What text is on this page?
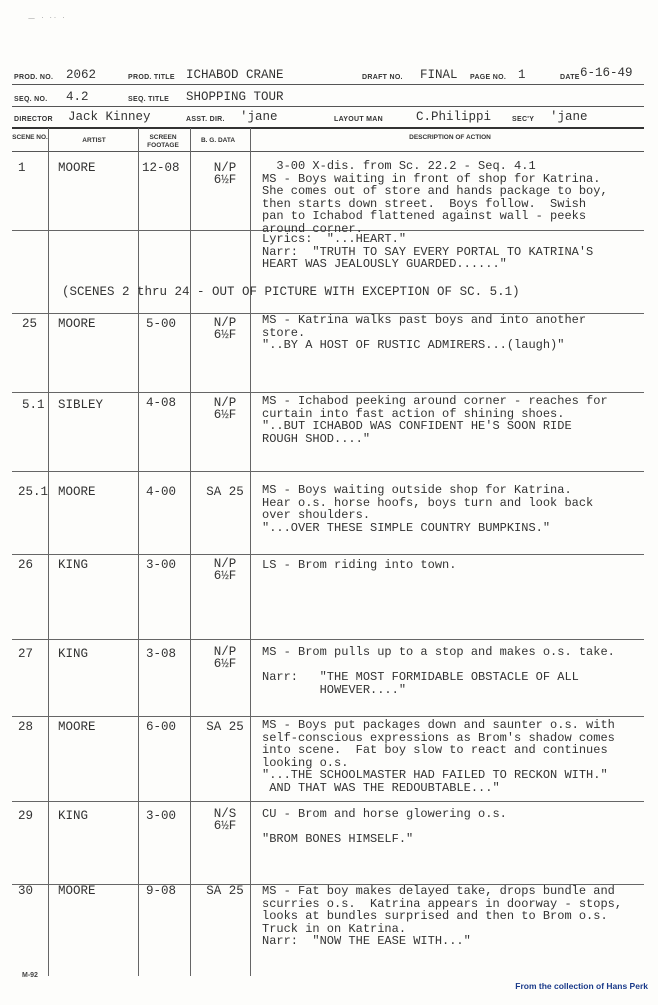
— · ·· ·
PROD. NO. 2062	PROD. TITLE ICHABOD CRANE	DRAFT NO. FINAL PAGE NO. 1	DATE 6-16-49
SEQ. NO. 4.2	SEQ. TITLE SHOPPING TOUR
DIRECTOR Jack Kinney	ASST. DIR. 'jane	LAYOUT MAN	C.Philippi	SEC'Y 'jane
SCENE NO.	ARTIST	SCREEN FOOTAGE
B. G. DATA	DESCRIPTION OF ACTION
1	MOORE	12-08	N/P
6½F
3-00 X-dis. from Sc. 22.2 - Seq. 4.1
MS - Boys waiting in front of shop for Katrina.
She comes out of store and hands package to boy,
then starts down street.  Boys follow.  Swish
pan to Ichabod flattened against wall - peeks
around corner.
Lyrics:  "...HEART."
Narr:  "TRUTH TO SAY EVERY PORTAL TO KATRINA'S
HEART WAS JEALOUSLY GUARDED......"
(SCENES 2 thru 24 - OUT OF PICTURE WITH EXCEPTION OF SC. 5.1)
25 MOORE	5-00	N/P
6½F
MS - Katrina walks past boys and into another
store.
"..BY A HOST OF RUSTIC ADMIRERS...(laugh)"
5.1 SIBLEY	4-08	N/P
6½F
MS - Ichabod peeking around corner - reaches for
curtain into fast action of shining shoes.
"..BUT ICHABOD WAS CONFIDENT HE'S SOON RIDE
ROUGH SHOD...."
25.1 MOORE	4-00	SA 25	MS - Boys waiting outside shop for Katrina.
Hear o.s. horse hoofs, boys turn and look back
over shoulders.
"...OVER THESE SIMPLE COUNTRY BUMPKINS."
26 KING	3-00	N/P
6½F
LS - Brom riding into town.
27 KING	3-08	N/P
6½F
MS - Brom pulls up to a stop and makes o.s. take.

Narr:   "THE MOST FORMIDABLE OBSTACLE OF ALL
HOWEVER...."
28 MOORE	6-00	SA 25	MS - Boys put packages down and saunter o.s. with
self-conscious expressions as Brom's shadow comes
into scene.  Fat boy slow to react and continues
looking o.s.
"...THE SCHOOLMASTER HAD FAILED TO RECKON WITH."
AND THAT WAS THE REDOUBTABLE..."
29 KING	3-00	N/S
6½F
CU - Brom and horse glowering o.s.

"BROM BONES HIMSELF."
30 MOORE	9-08	SA 25	MS - Fat boy makes delayed take, drops bundle and
scurries o.s.  Katrina appears in doorway - stops,
looks at bundles surprised and then to Brom o.s.
Truck in on Katrina.
Narr:  "NOW THE EASE WITH..."
M-92
From the collection of Hans Perk
